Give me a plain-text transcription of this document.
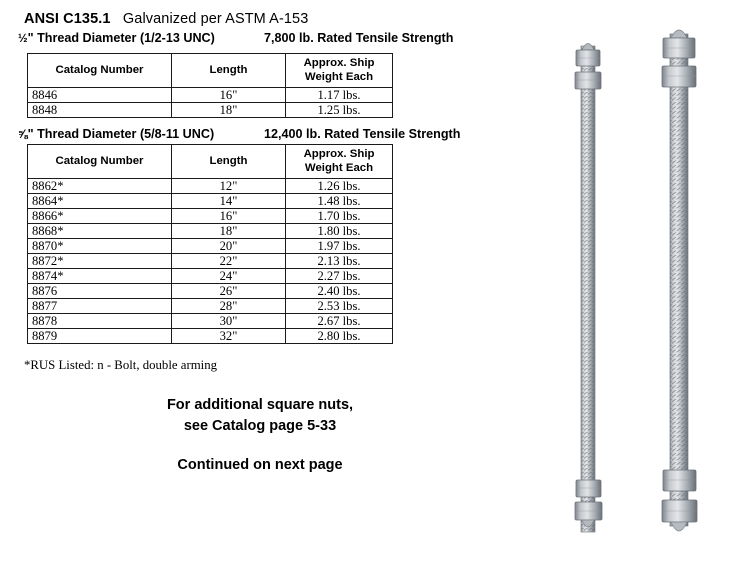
ANSI C135.1 Galvanized per ASTM A-153
½" Thread Diameter (1/2-13 UNC)	7,800 lb. Rated Tensile Strength
Catalog Number	Length	Approx. Ship
Weight Each
8846	16"	1.17 lbs.
8848	18"	1.25 lbs.
⅝" Thread Diameter (5/8-11 UNC)	12,400 lb. Rated Tensile Strength
Catalog Number	Length	Approx. Ship
Weight Each
8862*	12"	1.26 lbs.
8864*	14"	1.48 lbs.
8866*	16"	1.70 lbs.
8868*	18"	1.80 lbs.
8870*	20"	1.97 lbs.
8872*	22"	2.13 lbs.
8874*	24"	2.27 lbs.
8876	26"	2.40 lbs.
8877	28"	2.53 lbs.
8878	30"	2.67 lbs.
8879	32"	2.80 lbs.
*RUS Listed: n - Bolt, double arming
For additional square nuts,
see Catalog page 5-33
Continued on next page
